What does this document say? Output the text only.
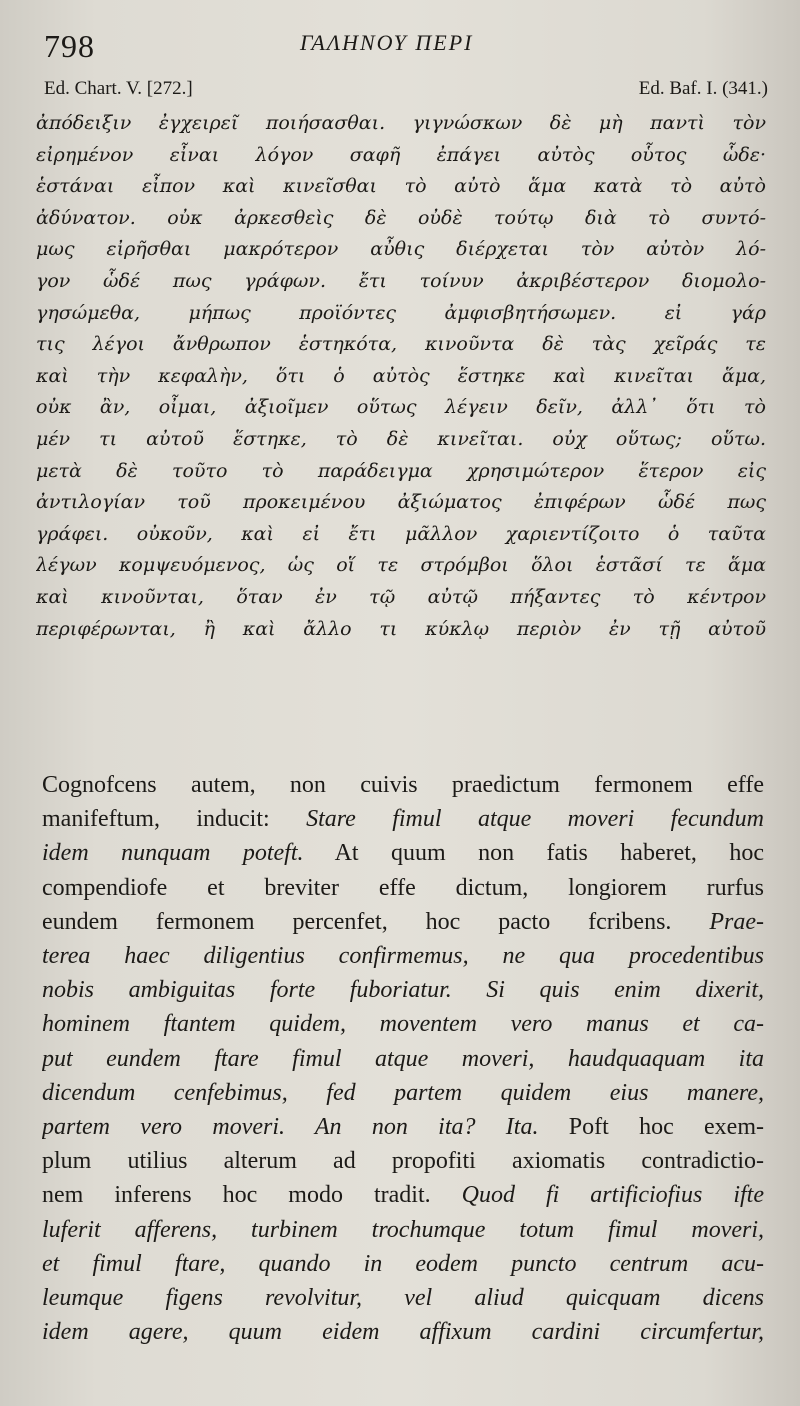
798	ΓΑΛΗΝΟΥ ΠΕΡΙ
Ed. Chart. V. [272.]	Ed. Baf. I. (341.)
ἀπόδειξιν ἐγχειρεῖ ποιήσασθαι. γιγνώσκων δὲ μὴ παντὶ τὸν
εἰρημένον εἶναι λόγον σαφῆ ἐπάγει αὐτὸς οὗτος ὧδε·
ἑστάναι εἶπον καὶ κινεῖσθαι τὸ αὐτὸ ἅμα κατὰ τὸ αὐτὸ
ἀδύνατον. οὐκ ἀρκεσθεὶς δὲ οὐδὲ τούτῳ διὰ τὸ συντό-
μως εἰρῆσθαι μακρότερον αὖθις διέρχεται τὸν αὐτὸν λό-
γον ὧδέ πως γράφων. ἔτι τοίνυν ἀκριβέστερον διομολο-
γησώμεθα, μήπως προϊόντες ἀμφισβητήσωμεν. εἰ γάρ
τις λέγοι ἄνθρωπον ἑστηκότα, κινοῦντα δὲ τὰς χεῖράς τε
καὶ τὴν κεφαλὴν, ὅτι ὁ αὐτὸς ἕστηκε καὶ κινεῖται ἅμα,
οὐκ ἂν, οἶμαι, ἀξιοῖμεν οὕτως λέγειν δεῖν, ἀλλ᾽ ὅτι τὸ
μέν τι αὐτοῦ ἕστηκε, τὸ δὲ κινεῖται. οὐχ οὕτως; οὕτω.
μετὰ δὲ τοῦτο τὸ παράδειγμα χρησιμώτερον ἕτερον εἰς
ἀντιλογίαν τοῦ προκειμένου ἀξιώματος ἐπιφέρων ὧδέ πως
γράφει. οὐκοῦν, καὶ εἰ ἔτι μᾶλλον χαριεντίζοιτο ὁ ταῦτα
λέγων κομψευόμενος, ὡς οἵ τε στρόμβοι ὅλοι ἑστᾶσί τε ἅμα
καὶ κινοῦνται, ὅταν ἐν τῷ αὐτῷ πήξαντες τὸ κέντρον
περιφέρωνται, ἢ καὶ ἄλλο τι κύκλῳ περιὸν ἐν τῇ αὐτοῦ
Cognofcens autem, non cuivis praedictum fermonem effe
manifeftum, inducit: Stare fimul atque moveri fecundum
idem nunquam poteft. At quum non fatis haberet, hoc
compendiofe et breviter effe dictum, longiorem rurfus
eundem fermonem percenfet, hoc pacto fcribens. Prae-
terea haec diligentius confirmemus, ne qua procedentibus
nobis ambiguitas forte fuboriatur. Si quis enim dixerit,
hominem ftantem quidem, moventem vero manus et ca-
put eundem ftare fimul atque moveri, haudquaquam ita
dicendum cenfebimus, fed partem quidem eius manere,
partem vero moveri. An non ita? Ita. Poft hoc exem-
plum utilius alterum ad propofiti axiomatis contradictio-
nem inferens hoc modo tradit. Quod fi artificiofius ifte
luferit afferens, turbinem trochumque totum fimul moveri,
et fimul ftare, quando in eodem puncto centrum acu-
leumque figens revolvitur, vel aliud quicquam dicens
idem agere, quum eidem affixum cardini circumfertur,
